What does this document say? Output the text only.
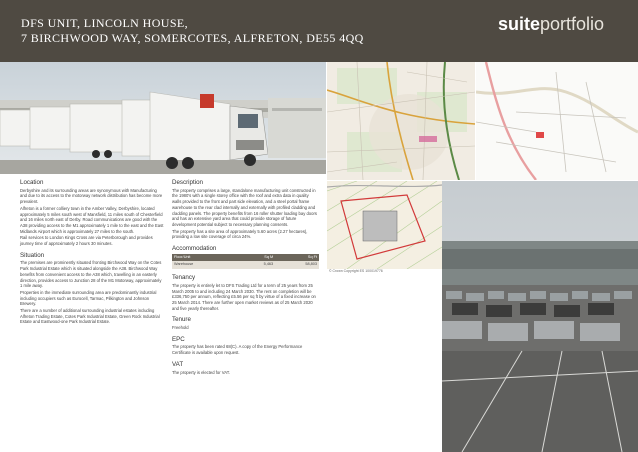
DFS UNIT, LINCOLN HOUSE,
7 BIRCHWOOD WAY, SOMERCOTES, ALFRETON, DE55 4QQ
suiteportfolio
© Crown Copyright ES 100019776
Location

Derbyshire and its surrounding areas are synonymous with Manufacturing and due to its access to the motorway network distribution has become more prevalent.

Alfreton is a former colliery town in the Amber Valley, Derbyshire, located approximately 5 miles south west of Mansfield, 11 miles south of Chesterfield and 16 miles north east of Derby. Road communications are good with the A38 providing access to the M1 approximately 1 mile to the east and the East Midlands Airport which is approximately 27 miles to the south.

Rail services to London Kings Cross are via Peterborough and provides journey time of approximately 2 hours 30 minutes.

Situation

The premises are prominently situated fronting Birchwood Way on the Cotes Park Industrial Estate which is situated alongside the A38. Birchwood Way benefits from convenient access to the A38 which, travelling in an easterly direction, provides access to Junction 28 of the M1 Motorway, approximately 1 mile away.

Properties in the immediate surrounding area are predominantly industrial including occupiers such as Eurocell, Tarmac, Pilkington and Johnson Brewery.

There are a number of additional surrounding industrial estates including Alfreton Trading Estate, Cotes Park Industrial Estate, Green Rock Industrial Estate and Eastwood-one Park Industrial Estate.

Description

The property comprises a large, standalone manufacturing unit constructed in the 1980's with a single storey office with the roof and extra data in quality walls provided to the front and part side elevation, and a steel portal frame warehouse to the rear clad internally and externally with profiled cladding and cladding panels. The property benefits from 16 roller shutter loading bay doors and has an extensive yard area that could provide storage of future development potential subject to necessary planning consents.

The property has a site area of approximately 5.60 acres (2.27 hectares), providing a low site coverage of circa 24%.

Accommodation
Floor/Unit	Sq M	Sq Ft
Warehouse	5,463	58,803
Tenancy

The property is entirely let to DFS Trading Ltd for a term of 25 years from 25 March 2005 to and including 24 March 2030. The rent on completion will be £336,750 per annum, reflecting £5.56 per sq ft by virtue of a fixed increase on 25 March 2014. There are further open market reviews as of 25 March 2020 and five yearly thereafter.

Tenure

Freehold

EPC

The property has been rated 68(C). A copy of the Energy Performance Certificate is available upon request.

VAT

The property is elected for VAT.
